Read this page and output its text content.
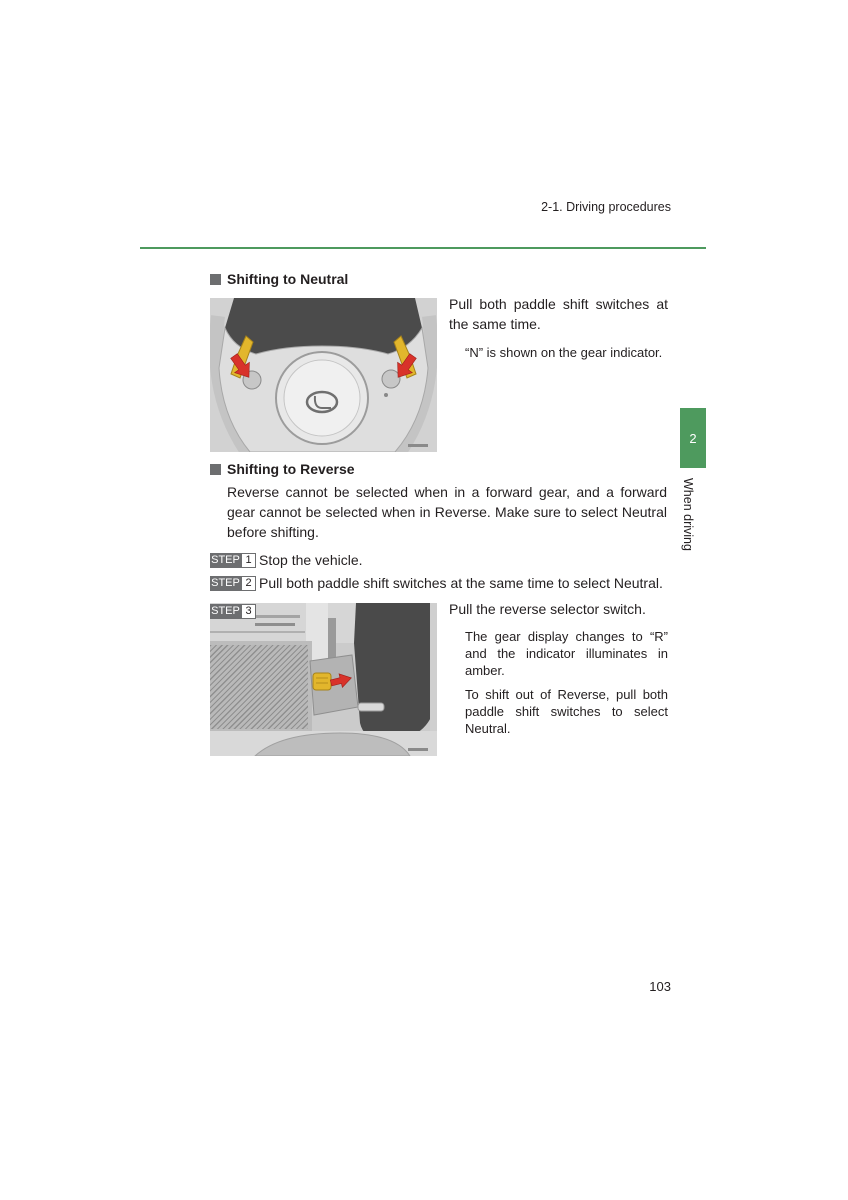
2-1. Driving procedures
2
When driving
Shifting to Neutral
Pull both paddle shift switches at the same time.
“N” is shown on the gear indicator.
Shifting to Reverse
Reverse cannot be selected when in a forward gear, and a forward gear cannot be selected when in Reverse. Make sure to select Neutral before shifting.
STEP 1 Stop the vehicle.
STEP 2 Pull both paddle shift switches at the same time to select Neutral.
STEP 3	Pull the reverse selector switch.
The gear display changes to “R” and the indicator illuminates in amber.
To shift out of Reverse, pull both paddle shift switches to select Neutral.
103
